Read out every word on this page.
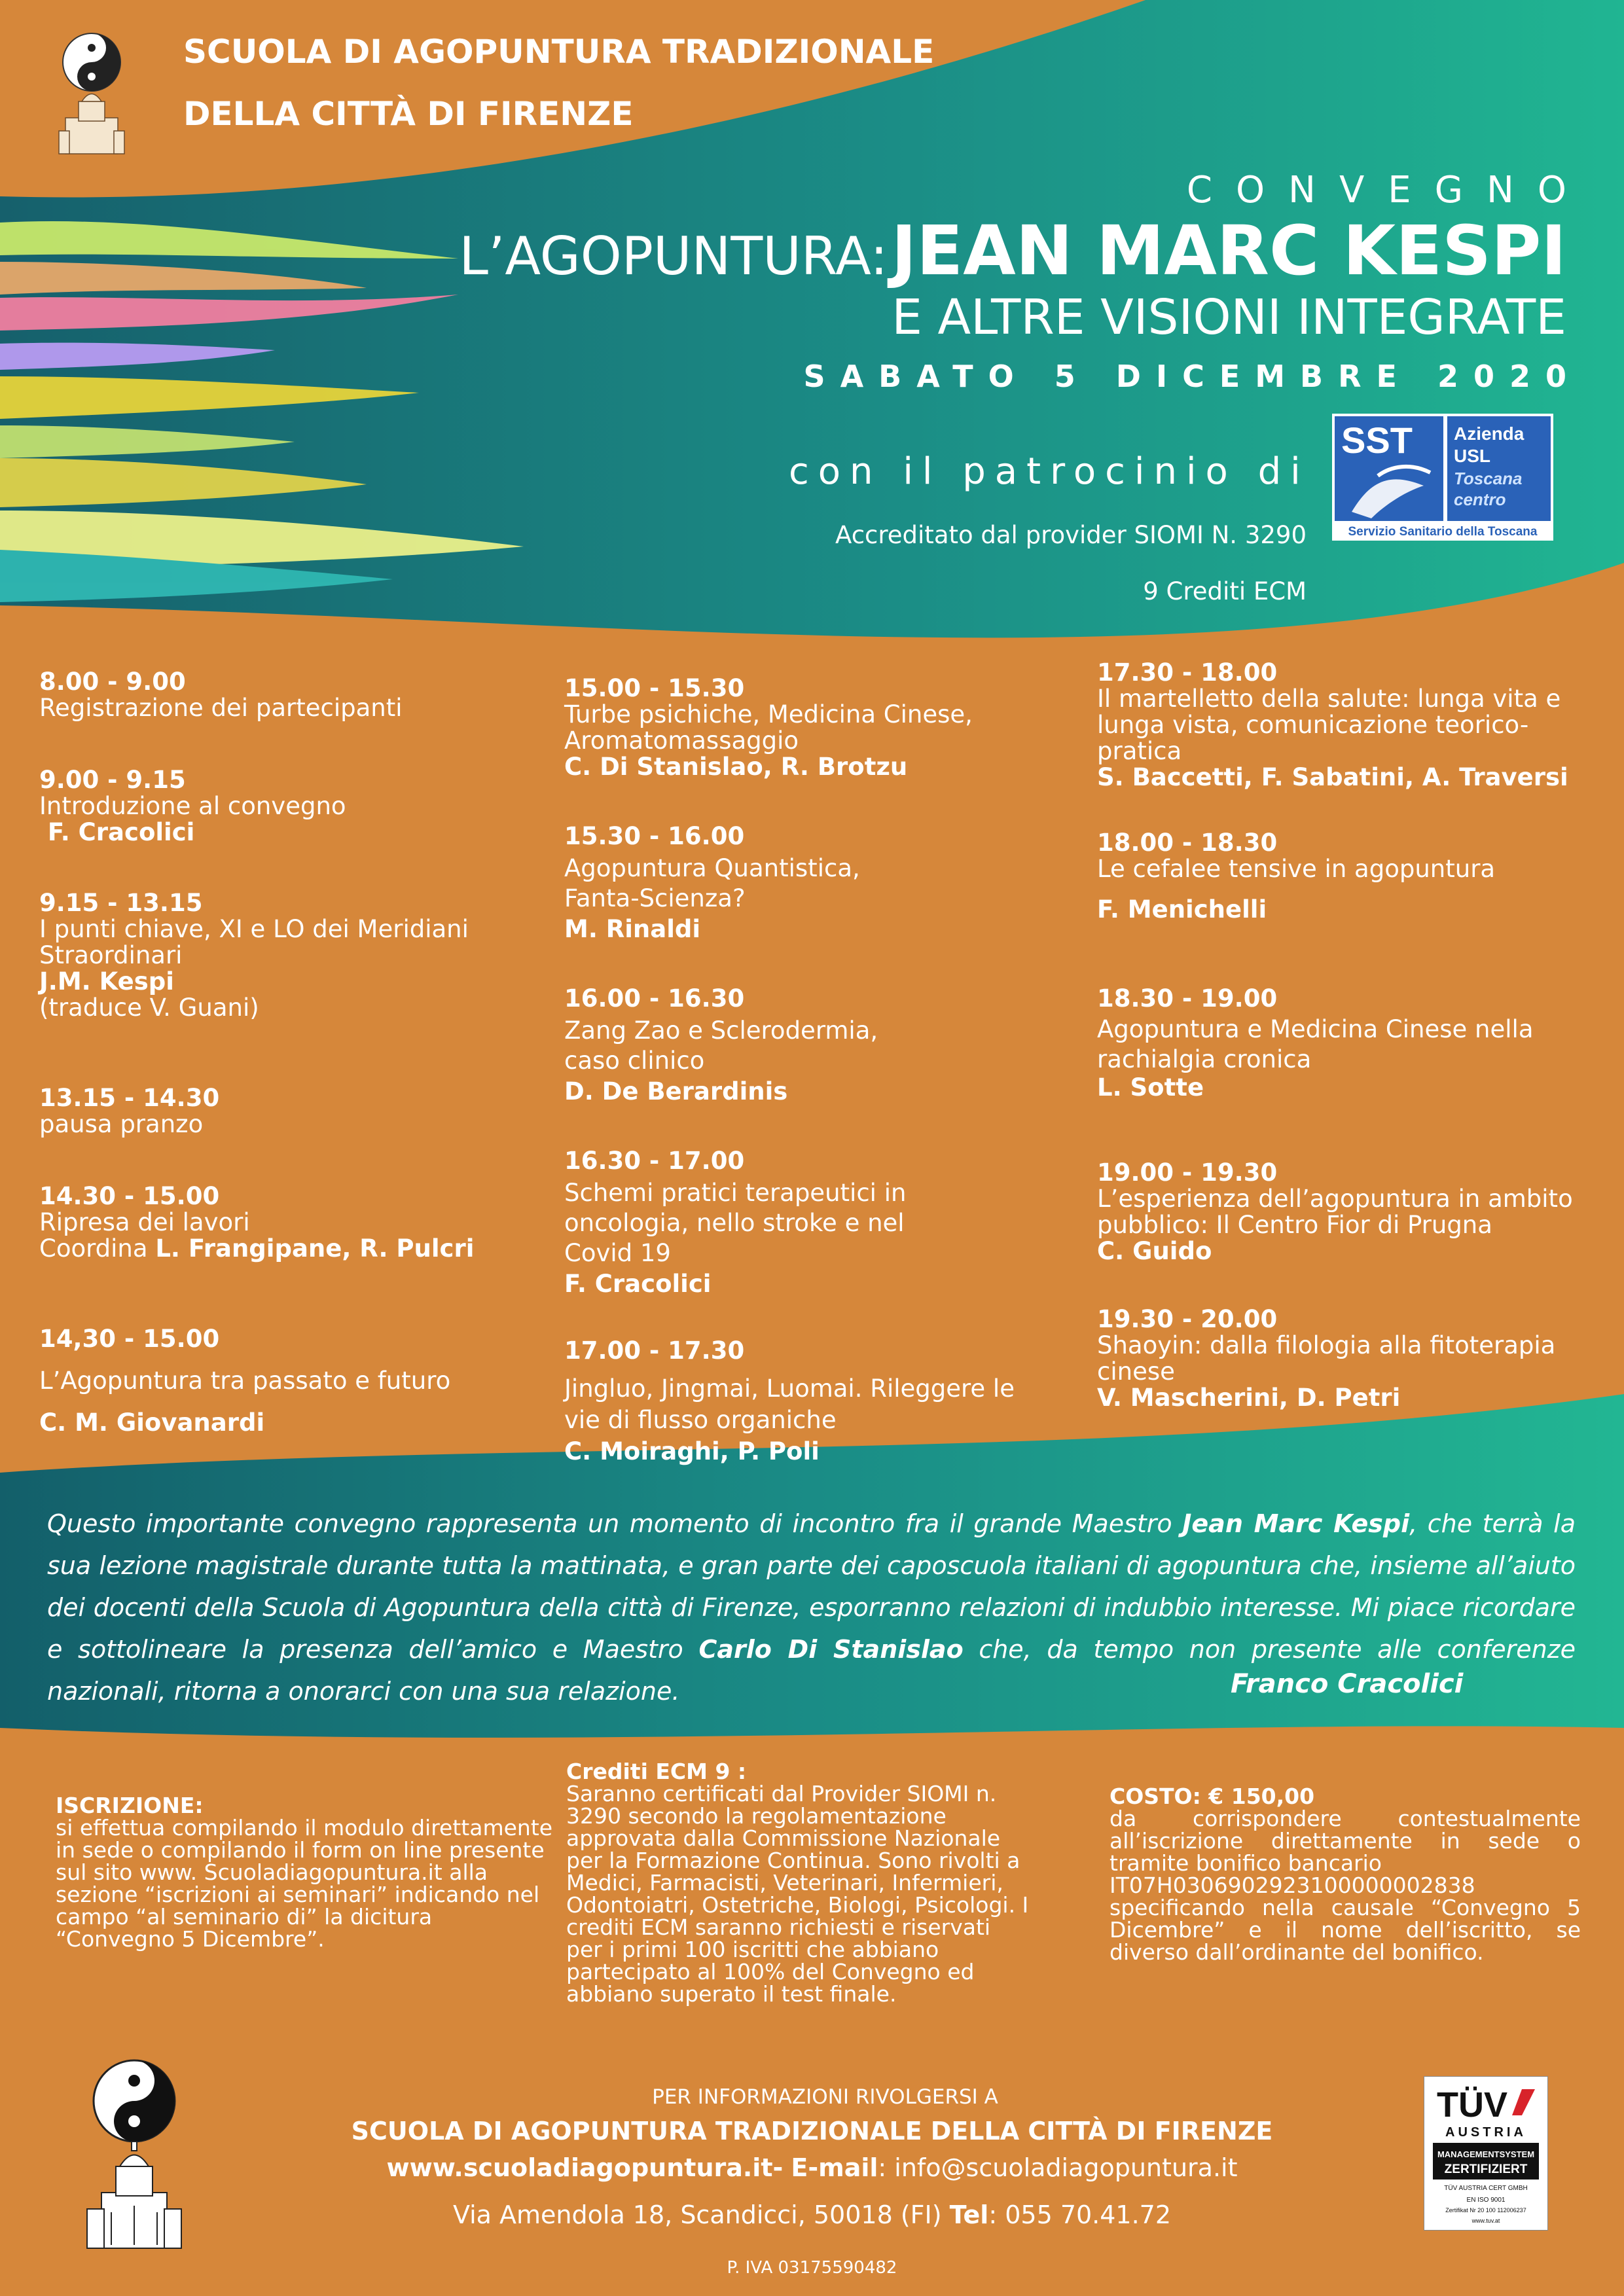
SCUOLA DI AGOPUNTURA TRADIZIONALE
DELLA CITTÀ DI FIRENZE
CONVEGNO
L’AGOPUNTURA: JEAN MARC KESPI
E ALTRE VISIONI INTEGRATE
SABATO 5 DICEMBRE 2020
con il patrocinio di
SST Azienda
USL
Toscana
centro
Servizio Sanitario della Toscana
Accreditato dal provider SIOMI N. 3290
9 Crediti ECM
8.00 - 9.00
Registrazione dei partecipanti
9.00 - 9.15
Introduzione al convegno
F. Cracolici
9.15 - 13.15
I punti chiave, XI e LO dei Meridiani Straordinari
J.M. Kespi
(traduce V. Guani)
13.15 - 14.30
pausa pranzo
14.30 - 15.00
Ripresa dei lavori
Coordina L. Frangipane, R. Pulcri
14,30 - 15.00
L’Agopuntura tra passato e futuro
C. M. Giovanardi
15.00 - 15.30
Turbe psichiche, Medicina Cinese, Aromatomassaggio
C. Di Stanislao, R. Brotzu
15.30 - 16.00
Agopuntura Quantistica, Fanta-Scienza?
M. Rinaldi
16.00 - 16.30
Zang Zao e Sclerodermia, caso clinico
D. De Berardinis
16.30 - 17.00
Schemi pratici terapeutici in oncologia, nello stroke e nel Covid 19
F. Cracolici
17.00 - 17.30
Jingluo, Jingmai, Luomai. Rileggere le vie di flusso organiche
C. Moiraghi, P. Poli
17.30 - 18.00
Il martelletto della salute: lunga vita e lunga vista, comunicazione teorico-pratica
S. Baccetti, F. Sabatini, A. Traversi
18.00 - 18.30
Le cefalee tensive in agopuntura
F. Menichelli
18.30 - 19.00
Agopuntura e Medicina Cinese nella rachialgia cronica
L. Sotte
19.00 - 19.30
L’esperienza dell’agopuntura in ambito pubblico: Il Centro Fior di Prugna
C. Guido
19.30 - 20.00
Shaoyin: dalla filologia alla fitoterapia cinese
V. Mascherini, D. Petri
Questo importante convegno rappresenta un momento di incontro fra il grande Maestro Jean Marc Kespi, che terrà la sua lezione magistrale durante tutta la mattinata, e gran parte dei caposcuola italiani di agopuntura che, insieme all’aiuto dei docenti della Scuola di Agopuntura della città di Firenze, esporranno relazioni di indubbio interesse. Mi piace ricordare e sottolineare la presenza dell’amico e Maestro Carlo Di Stanislao che, da tempo non presente alle conferenze nazionali, ritorna a onorarci con una sua relazione.	Franco Cracolici
ISCRIZIONE:
si effettua compilando il modulo direttamente in sede o compilando il form on line presente sul sito www. Scuoladiagopuntura.it alla sezione “iscrizioni ai seminari” indicando nel campo “al seminario di” la dicitura “Convegno 5 Dicembre”.
Crediti ECM 9 :
Saranno certificati dal Provider SIOMI n. 3290 secondo la regolamentazione approvata dalla Commissione Nazionale per la Formazione Continua. Sono rivolti a Medici, Farmacisti, Veterinari, Infermieri, Odontoiatri, Ostetriche, Biologi, Psicologi. I crediti ECM saranno richiesti e riservati per i primi 100 iscritti che abbiano partecipato al 100% del Convegno ed abbiano superato il test finale.
COSTO: € 150,00
da corrispondere contestualmente all’iscrizione direttamente in sede o tramite bonifico bancario
IT07H0306902923100000002838
specificando nella causale “Convegno 5 Dicembre” e il nome dell’iscritto, se diverso dall’ordinante del bonifico.
PER INFORMAZIONI RIVOLGERSI A
SCUOLA DI AGOPUNTURA TRADIZIONALE DELLA CITTÀ DI FIRENZE
www.scuoladiagopuntura.it- E-mail: info@scuoladiagopuntura.it
Via Amendola 18, Scandicci, 50018 (FI) Tel: 055 70.41.72
P. IVA 03175590482
TÜV
AUSTRIA
MANAGEMENTSYSTEM
ZERTIFIZIERT
TÜV AUSTRIA CERT GMBH
EN ISO 9001
Zertifikat Nr 20 100 112006237
www.tuv.at
